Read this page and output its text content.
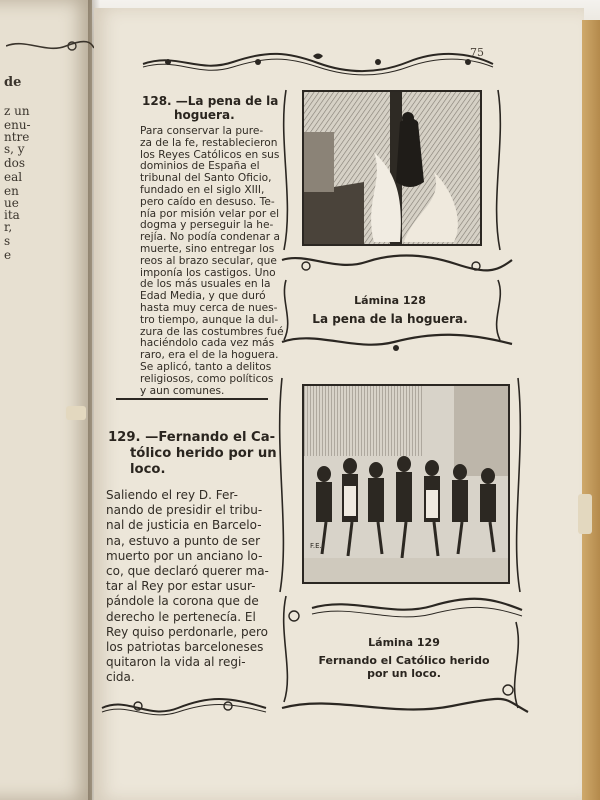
de
z un
enu-
ntre
s, y
dos
eal
en
ue
ita
r,
s
e
75
128. —La pena de la
hoguera.
Para conservar la pure-
za de la fe, restablecieron
los Reyes Católicos en sus
dominios de España el
tribunal del Santo Oficio,
fundado en el siglo XIII,
pero caído en desuso. Te-
nía por misión velar por el
dogma y perseguir la he-
rejía. No podía condenar a
muerte, sino entregar los
reos al brazo secular, que
imponía los castigos. Uno
de los más usuales en la
Edad Media, y que duró
hasta muy cerca de nues-
tro tiempo, aunque la dul-
zura de las costumbres fué
haciéndolo cada vez más
raro, era el de la hoguera.
Se aplicó, tanto a delitos
religiosos, como políticos
y aun comunes.
129. —Fernando el Ca-
tólico herido por un
loco.
Saliendo el rey D. Fer-
nando de presidir el tribu-
nal de justicia en Barcelo-
na, estuvo a punto de ser
muerto por un anciano lo-
co, que declaró querer ma-
tar al Rey por estar usur-
pándole la corona que de
derecho le pertenecía. El
Rey quiso perdonarle, pero
los patriotas barceloneses
quitaron la vida al regi-
cida.
Lámina 128
La pena de la hoguera.
F.E.
Lámina 129
Fernando el Católico herido
por un loco.
